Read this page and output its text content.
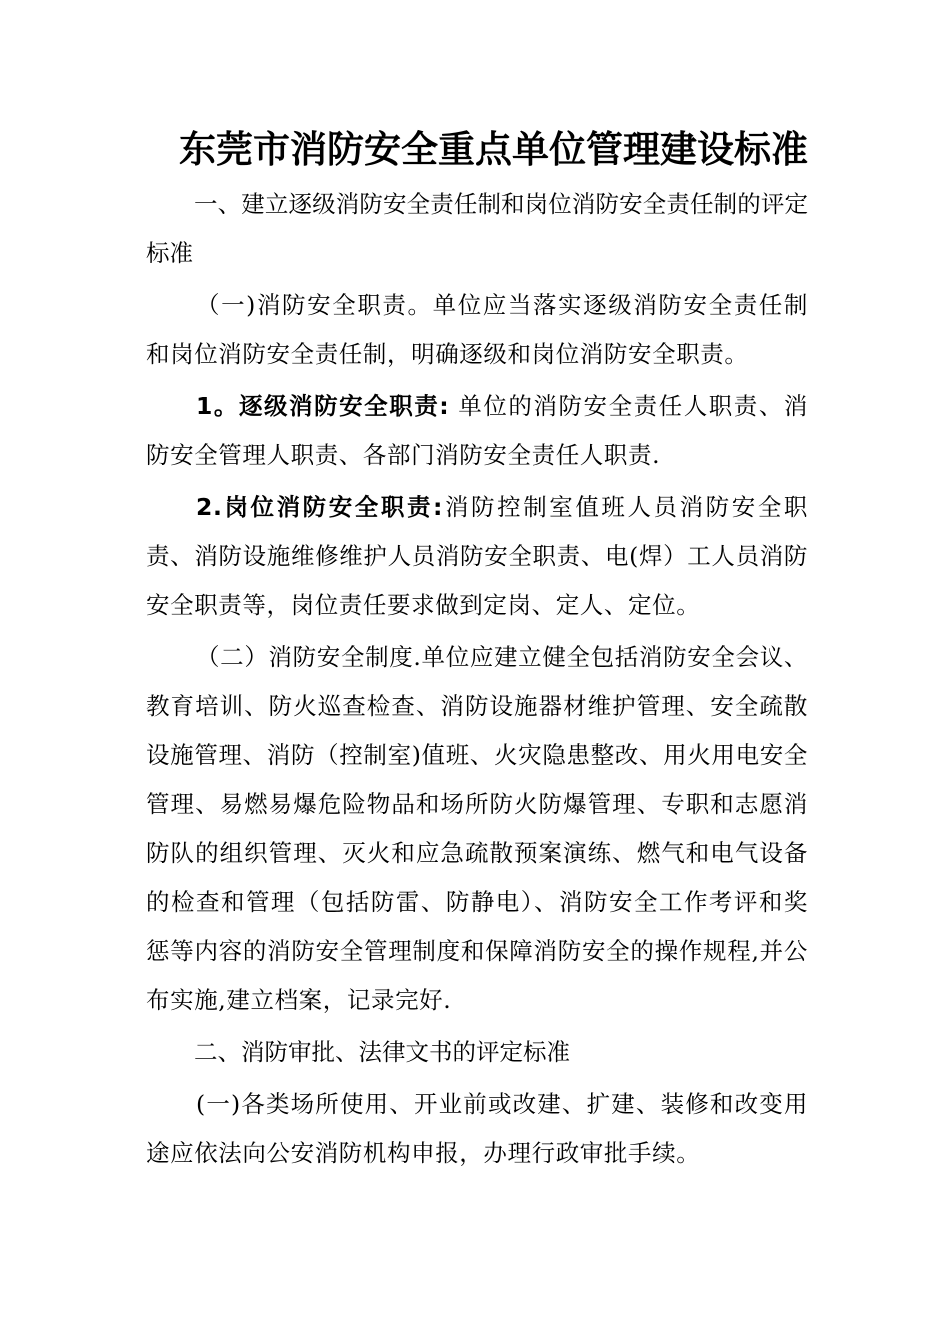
东莞市消防安全重点单位管理建设标准

一、建立逐级消防安全责任制和岗位消防安全责任制的评定标准

（一)消防安全职责。单位应当落实逐级消防安全责任制和岗位消防安全责任制，明确逐级和岗位消防安全职责。

1。逐级消防安全职责: 单位的消防安全责任人职责、消防安全管理人职责、各部门消防安全责任人职责.

2.岗位消防安全职责:消防控制室值班人员消防安全职责、消防设施维修维护人员消防安全职责、电(焊）工人员消防安全职责等，岗位责任要求做到定岗、定人、定位。

（二）消防安全制度.单位应建立健全包括消防安全会议、教育培训、防火巡查检查、消防设施器材维护管理、安全疏散设施管理、消防（控制室)值班、火灾隐患整改、用火用电安全管理、易燃易爆危险物品和场所防火防爆管理、专职和志愿消防队的组织管理、灭火和应急疏散预案演练、燃气和电气设备的检查和管理（包括防雷、防静电）、消防安全工作考评和奖惩等内容的消防安全管理制度和保障消防安全的操作规程,并公布实施,建立档案，记录完好.

二、消防审批、法律文书的评定标准

(一)各类场所使用、开业前或改建、扩建、装修和改变用途应依法向公安消防机构申报，办理行政审批手续。
